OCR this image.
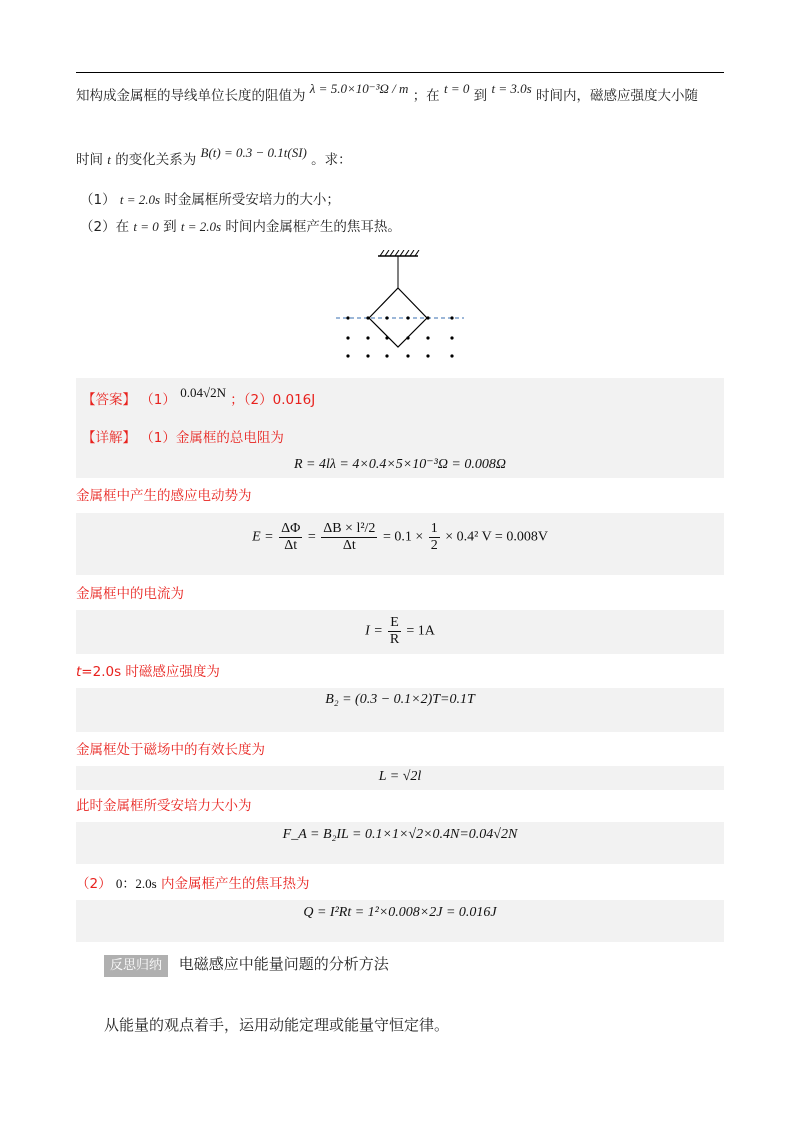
知构成金属框的导线单位长度的阻值为 λ = 5.0×10⁻³Ω / m ；在 t = 0 到 t = 3.0s 时间内，磁感应强度大小随
时间 t 的变化关系为 B(t) = 0.3 − 0.1t(SI) 。求：
（1） t = 2.0s 时金属框所受安培力的大小；
（2）在 t = 0 到 t = 2.0s 时间内金属框产生的焦耳热。
【答案】 （1） 0.04√2N ；（2）0.016J
【详解】 （1）金属框的总电阻为
R = 4lλ = 4×0.4×5×10⁻³Ω = 0.008Ω
金属框中产生的感应电动势为
$E = \frac{\Delta\Phi}{\Delta t} = \frac{\text{ΔB × l²/2}}{\Delta t} = 0.1 \times \frac{1}{2} \times 0.4^2$ V = 0.008V
金属框中的电流为
$I = \frac{E}{R} = 1A$
t=2.0s 时磁感应强度为
B₂ = (0.3 − 0.1×2)T=0.1T
金属框处于磁场中的有效长度为
L = √2l
此时金属框所受安培力大小为
F_A = B₂IL = 0.1×1×√2×0.4N=0.04√2N
（2） 0：2.0s 内金属框产生的焦耳热为
Q = I²Rt = 1²×0.008×2J = 0.016J
反思归纳 电磁感应中能量问题的分析方法
从能量的观点着手，运用动能定理或能量守恒定律。
